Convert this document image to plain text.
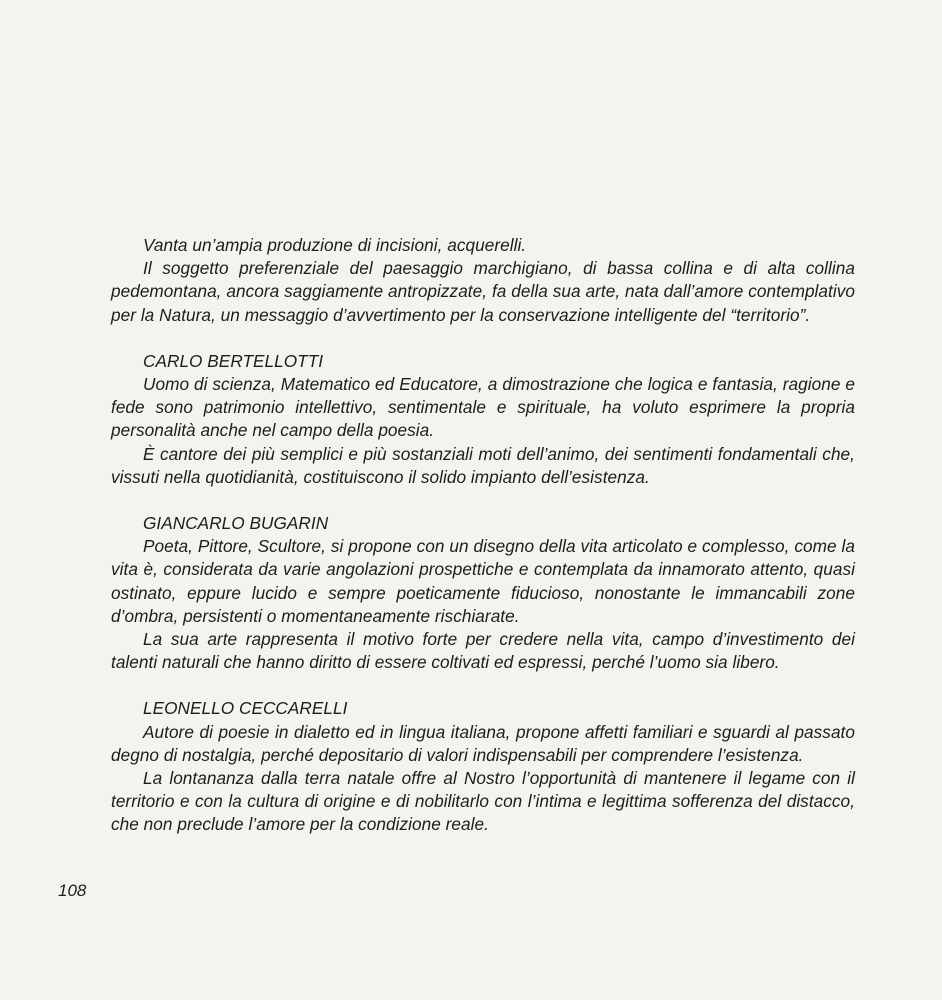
Vanta un’ampia produzione di incisioni, acquerelli.

Il soggetto preferenziale del paesaggio marchigiano, di bassa collina e di alta collina pedemontana, ancora saggiamente antropizzate, fa della sua arte, nata dall’amore contemplativo per la Natura, un messaggio d’avvertimento per la conservazione intelligente del “territorio”.

CARLO BERTELLOTTI

Uomo di scienza, Matematico ed Educatore, a dimostrazione che logica e fantasia, ragione e fede sono patrimonio intellettivo, sentimentale e spirituale, ha voluto esprimere la propria personalità anche nel campo della poesia.

È cantore dei più semplici e più sostanziali moti dell’animo, dei sentimenti fondamentali che, vissuti nella quotidianità, costituiscono il solido impianto dell’esistenza.

GIANCARLO BUGARIN

Poeta, Pittore, Scultore, si propone con un disegno della vita articolato e complesso, come la vita è, considerata da varie angolazioni prospettiche e contemplata da innamorato attento, quasi ostinato, eppure lucido e sempre poeticamente fiducioso, nonostante le immancabili zone d’ombra, persistenti o momentaneamente rischiarate.

La sua arte rappresenta il motivo forte per credere nella vita, campo d’investimento dei talenti naturali che hanno diritto di essere coltivati ed espressi, perché l’uomo sia libero.

LEONELLO CECCARELLI

Autore di poesie in dialetto ed in lingua italiana, propone affetti familiari e sguardi al passato degno di nostalgia, perché depositario di valori indispensabili per comprendere l’esistenza.

La lontananza dalla terra natale offre al Nostro l’opportunità di mantenere il legame con il territorio e con la cultura di origine e di nobilitarlo con l’intima e legittima sofferenza del distacco, che non preclude l’amore per la condizione reale.

108
